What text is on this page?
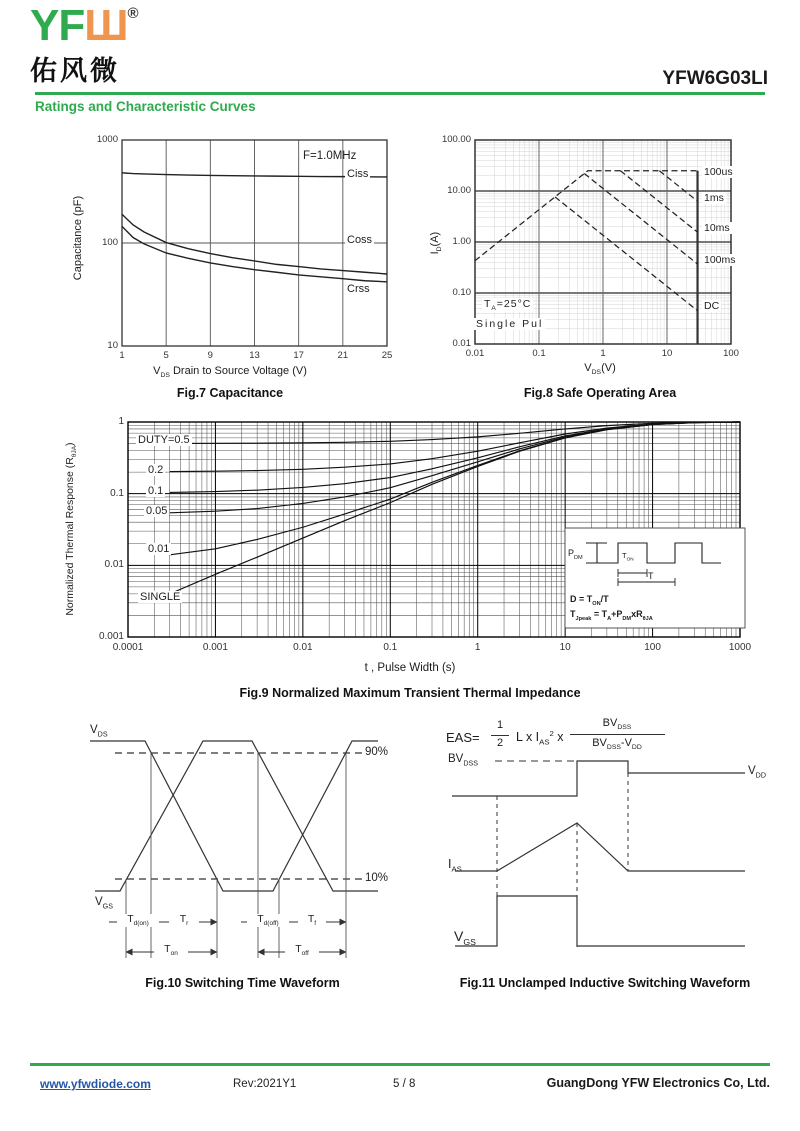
YFШ®
佑风微	YFW6G03LI
Ratings and Characteristic Curves
Capacitance (pF)
F=1.0MHz
Ciss
Coss
Crss
$V_{DS}$ Drain to Source Voltage (V)
Fig.7 Capacitance
1	5	9	13	17	21	25
1000
100
10
$I_D(A)$
$T_A=25^\circ C$
Single Pul
100us
1ms
10ms
100ms
DC
$V_{DS}(V)$
Fig.8 Safe Operating Area
0.01	0.1	1	10	100
100.00
10.00
1.00
0.10
0.01
Normalized Thermal Response $(R_{\theta JA})$	DUTY=0.5
0.2
0.1
0.05
0.01
SINGLE
$P_{DM}$	$T_{ON}$
T
$D = T_{ON}/T$
$T_{Jpeak} = T_A+P_{DM}xR_{\theta JA}$
t , Pulse Width (s)
Fig.9 Normalized Maximum Transient Thermal Impedance
0.0001	0.001	0.01	0.1	1	10	100	1000
1
0.1
0.01
0.001
$V_{DS}$
$V_{GS}$
90%
10%
$T_{d(on)}$	$T_r$	$T_{d(off)}$	$T_f$
$T_{on}$	$T_{off}$
Fig.10 Switching Time Waveform
EAS=
1
2	L x $I_{AS}^2$ x
$BV_{DSS}$
$BV_{DSS}-V_{DD}$
$BV_{DSS}$
$V_{DD}$
$I_{AS}$
$V_{GS}$
Fig.11 Unclamped Inductive Switching Waveform
www.yfwdiode.com	Rev:2021Y1	5 / 8	GuangDong YFW Electronics Co, Ltd.
